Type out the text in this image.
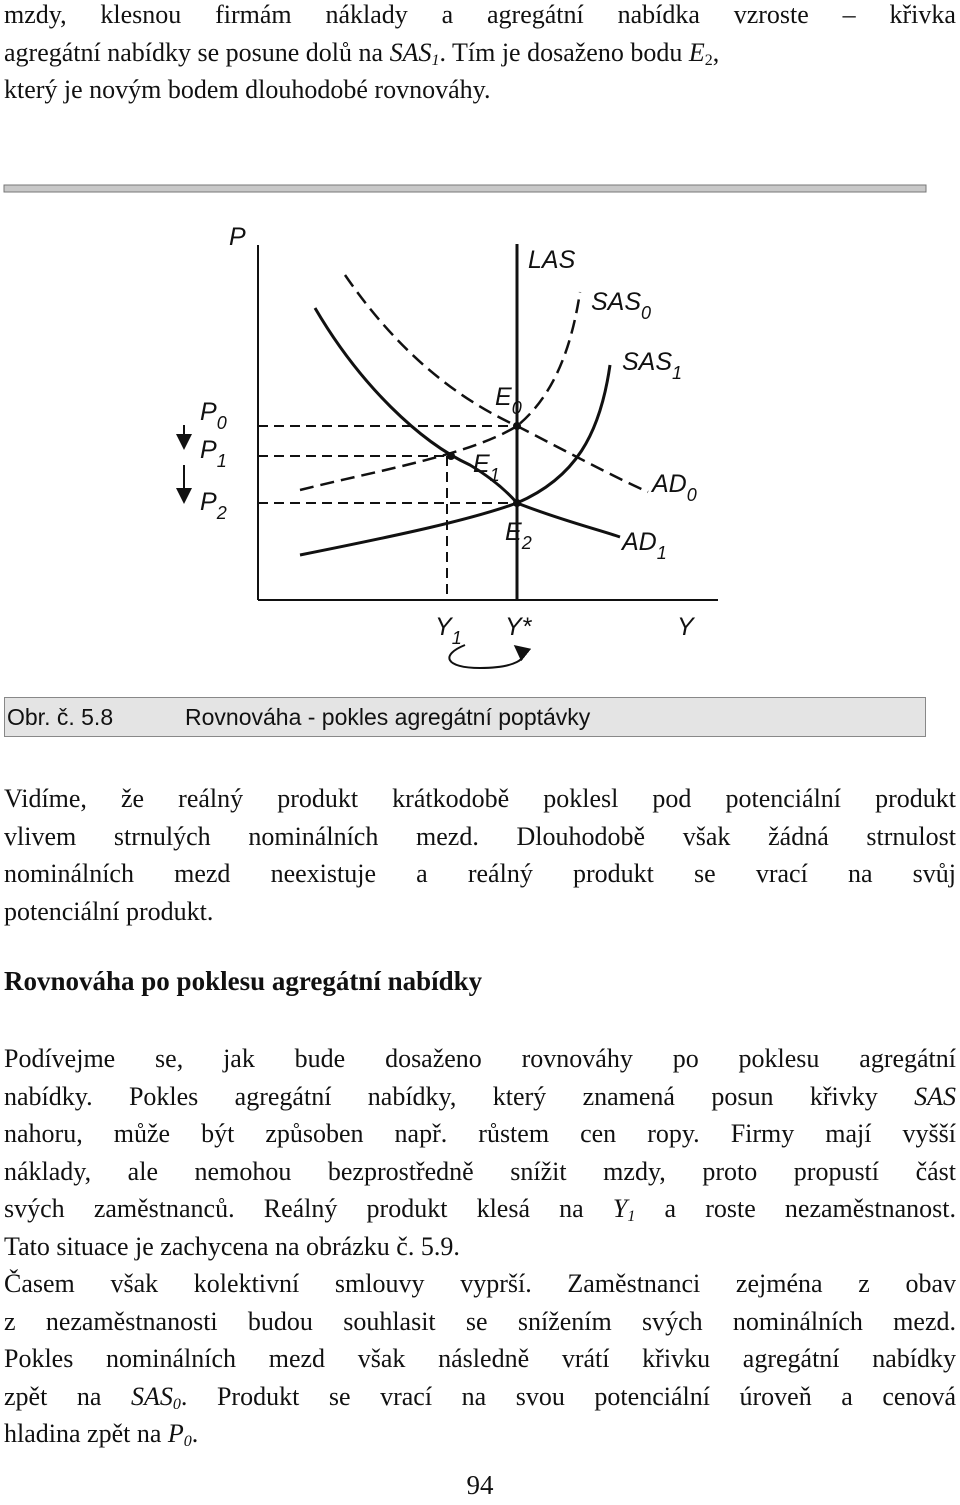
mzdy, klesnou firmám náklady a agregátní nabídka vzroste – křivka
agregátní nabídky se posune dolů na $SAS_1$. Tím je dosaženo bodu $E_2$,
který je novým bodem dlouhodobé rovnováhy.
P
LAS
$SAS_0$
$SAS_1$
$P_0$
$P_1$
$P_2$
$E_0$
$E_1$
$E_2$
$AD_0$
$AD_1$
$Y_1$ Y*	Y
Obr. č. 5.8	Rovnováha - pokles agregátní poptávky
Vidíme, že reálný produkt krátkodobě poklesl pod potenciální produkt
vlivem strnulých nominálních mezd. Dlouhodobě však žádná strnulost
nominálních mezd neexistuje a reálný produkt se vrací na svůj
potenciální produkt.
Rovnováha po poklesu agregátní nabídky
Podívejme se, jak bude dosaženo rovnováhy po poklesu agregátní
nabídky. Pokles agregátní nabídky, který znamená posun křivky SAS
nahoru, může být způsoben např. růstem cen ropy. Firmy mají vyšší
náklady, ale nemohou bezprostředně snížit mzdy, proto propustí část
svých zaměstnanců. Reálný produkt klesá na $Y_1$ a roste nezaměstnanost.
Tato situace je zachycena na obrázku č. 5.9.
Časem však kolektivní smlouvy vyprší. Zaměstnanci zejména z obav
z nezaměstnanosti budou souhlasit se snížením svých nominálních mezd.
Pokles nominálních mezd však následně vrátí křivku agregátní nabídky
zpět na $SAS_0$. Produkt se vrací na svou potenciální úroveň a cenová
hladina zpět na $P_0$.
94
